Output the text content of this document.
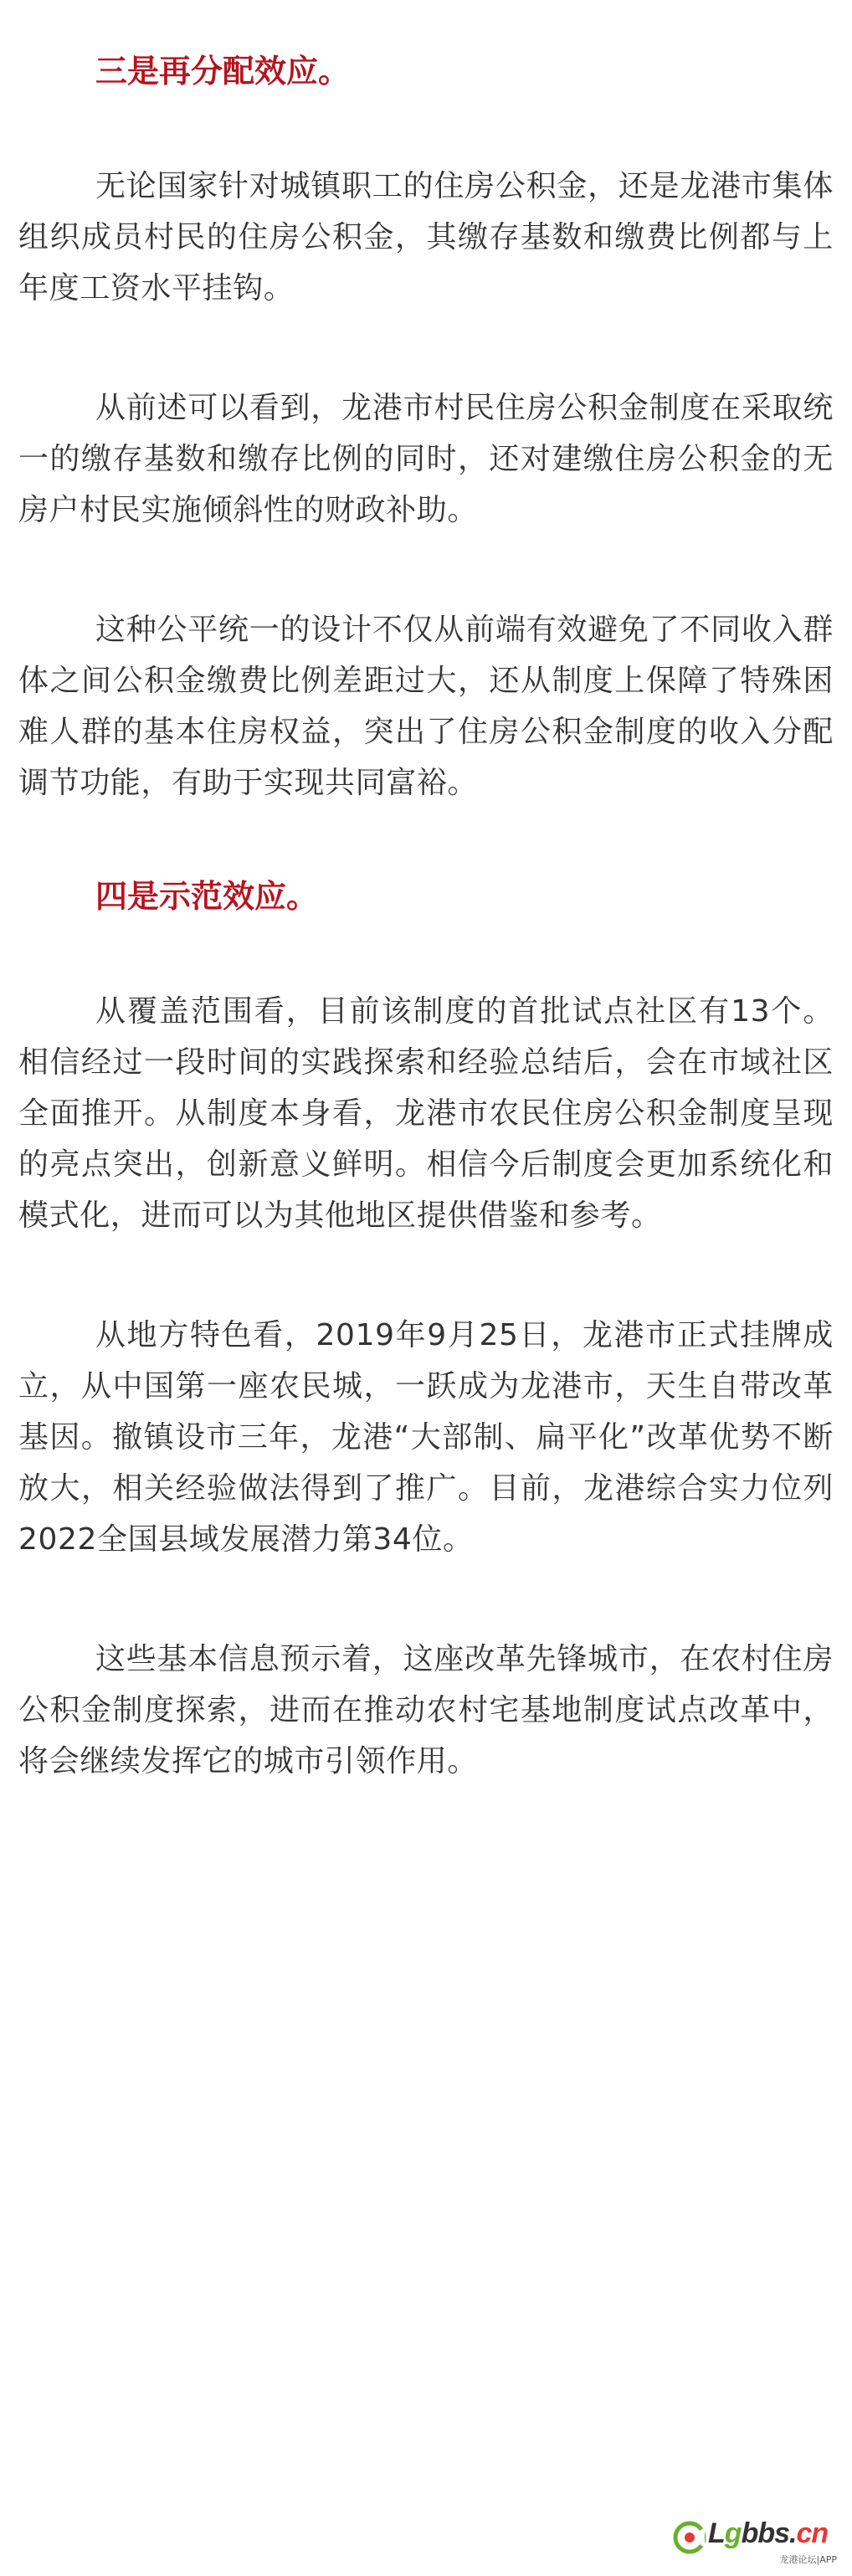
三是再分配效应。

无论国家针对城镇职工的住房公积金，还是龙港市集体组织成员村民的住房公积金，其缴存基数和缴费比例都与上年度工资水平挂钩。

从前述可以看到，龙港市村民住房公积金制度在采取统一的缴存基数和缴存比例的同时，还对建缴住房公积金的无房户村民实施倾斜性的财政补助。

这种公平统一的设计不仅从前端有效避免了不同收入群体之间公积金缴费比例差距过大，还从制度上保障了特殊困难人群的基本住房权益，突出了住房公积金制度的收入分配调节功能，有助于实现共同富裕。

四是示范效应。

从覆盖范围看，目前该制度的首批试点社区有13个。相信经过一段时间的实践探索和经验总结后，会在市域社区全面推开。从制度本身看，龙港市农民住房公积金制度呈现的亮点突出，创新意义鲜明。相信今后制度会更加系统化和模式化，进而可以为其他地区提供借鉴和参考。

从地方特色看，2019年9月25日，龙港市正式挂牌成立，从中国第一座农民城，一跃成为龙港市，天生自带改革基因。撤镇设市三年，龙港“大部制、扁平化”改革优势不断放大，相关经验做法得到了推广。目前，龙港综合实力位列2022全国县域发展潜力第34位。

这些基本信息预示着，这座改革先锋城市，在农村住房公积金制度探索，进而在推动农村宅基地制度试点改革中，将会继续发挥它的城市引领作用。

Lgbbs.cn
龙港论坛|APP
